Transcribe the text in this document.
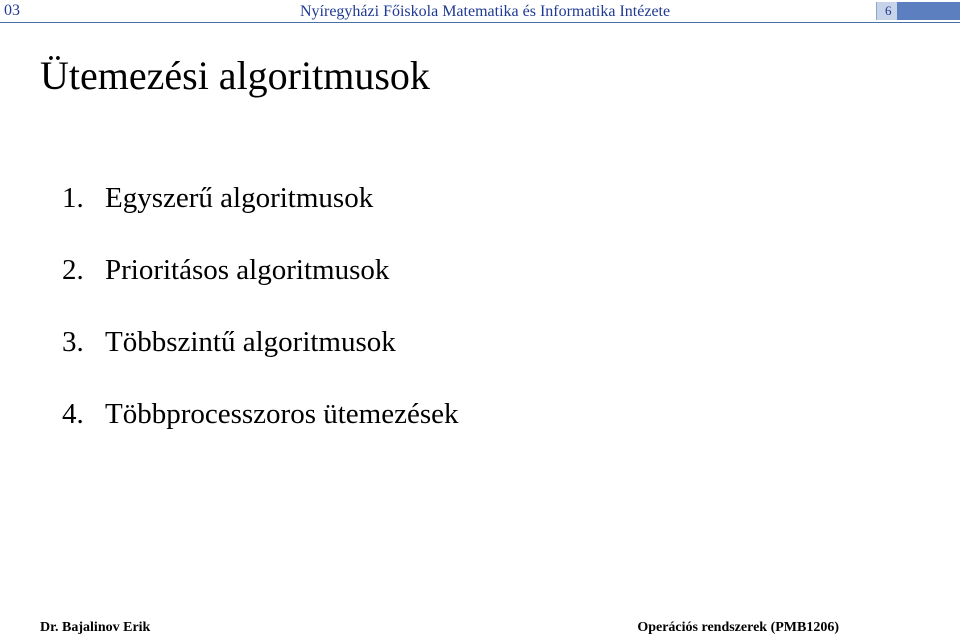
03	Nyíregyházi Főiskola Matematika és Informatika Intézete	6
Ütemezési algoritmusok
1. Egyszerű algoritmusok
2. Prioritásos algoritmusok
3. Többszintű algoritmusok
4. Többprocesszoros ütemezések
Dr. Bajalinov Erik	Operációs rendszerek (PMB1206)
